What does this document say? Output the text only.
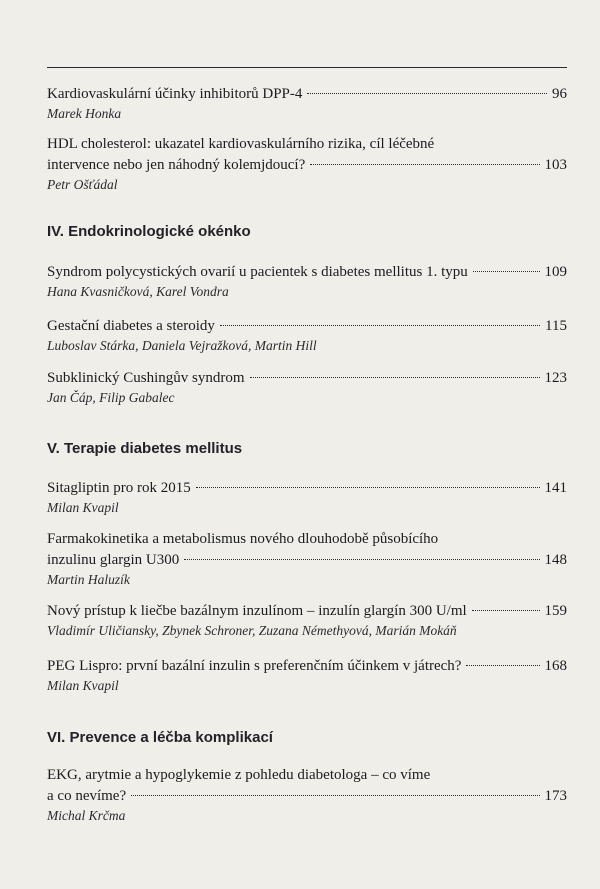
Kardiovaskulární účinky inhibitorů DPP-4	96
Marek Honka
HDL cholesterol: ukazatel kardiovaskulárního rizika, cíl léčebné
intervence nebo jen náhodný kolemjdoucí?	103
Petr Ošťádal
IV. Endokrinologické okénko
Syndrom polycystických ovarií u pacientek s diabetes mellitus 1. typu	109
Hana Kvasničková, Karel Vondra
Gestační diabetes a steroidy	115
Luboslav Stárka, Daniela Vejražková, Martin Hill
Subklinický Cushingův syndrom	123
Jan Čáp, Filip Gabalec
V. Terapie diabetes mellitus
Sitagliptin pro rok 2015	141
Milan Kvapil
Farmakokinetika a metabolismus nového dlouhodobě působícího
inzulinu glargin U300	148
Martin Haluzík
Nový prístup k liečbe bazálnym inzulínom – inzulín glargín 300 U/ml	159
Vladimír Uličiansky, Zbynek Schroner, Zuzana Némethyová, Marián Mokáň
PEG Lispro: první bazální inzulin s preferenčním účinkem v játrech?	168
Milan Kvapil
VI. Prevence a léčba komplikací
EKG, arytmie a hypoglykemie z pohledu diabetologa – co víme
a co nevíme?	173
Michal Krčma
